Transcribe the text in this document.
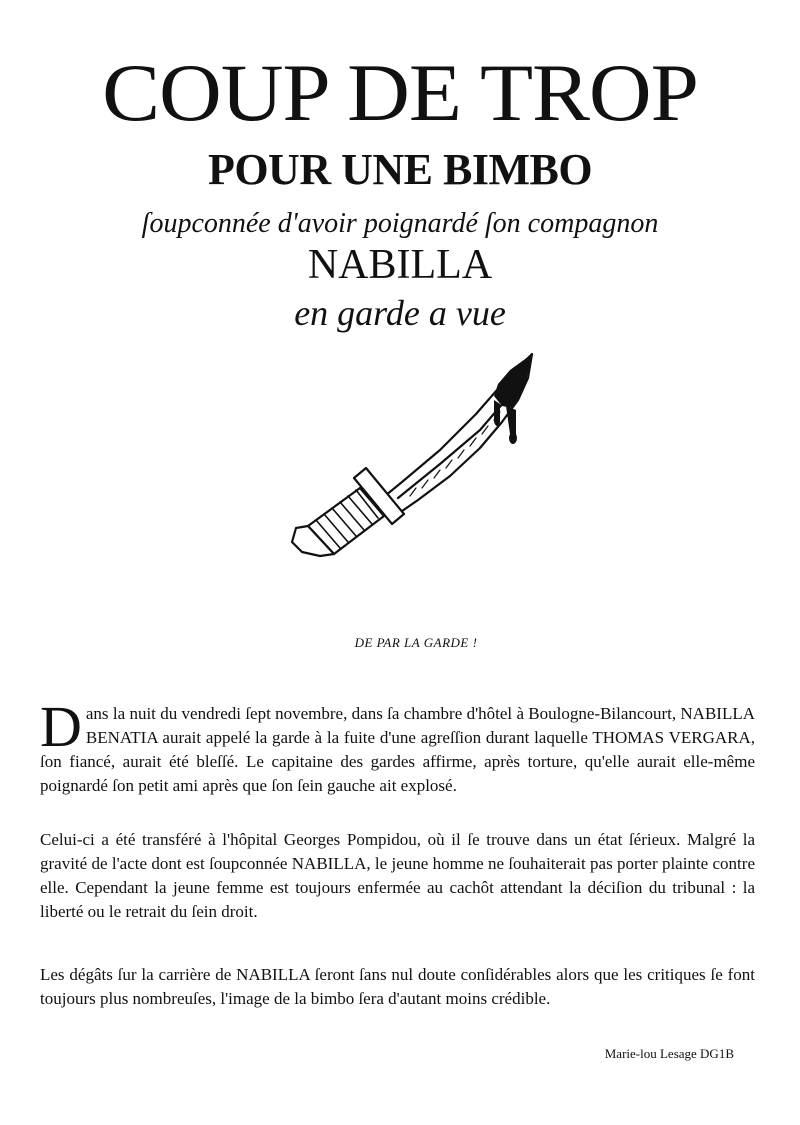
COUP DE TROP
POUR UNE BIMBO
ſoupconnée d'avoir poignardé ſon compagnon
NABILLA
en garde a vue
DE PAR LA GARDE !

Dans la nuit du vendredi ſept novembre, dans ſa chambre d'hôtel à Boulogne-Bilancourt, NABILLA BENATIA aurait appelé la garde à la fuite d'une agreſſion durant laquelle THOMAS VERGARA, ſon fiancé, aurait été bleſſé. Le capitaine des gardes affirme, après torture, qu'elle aurait elle-même poignardé ſon petit ami après que ſon ſein gauche ait explosé.

Celui-ci a été transféré à l'hôpital Georges Pompidou, où il ſe trouve dans un état ſérieux. Malgré la gravité de l'acte dont est ſoupconnée NABILLA, le jeune homme ne ſouhaiterait pas porter plainte contre elle. Cependant la jeune femme est toujours enfermée au cachôt attendant la déciſion du tribunal : la liberté ou le retrait du ſein droit.

Les dégâts ſur la carrière de NABILLA ſeront ſans nul doute conſidérables alors que les critiques ſe font toujours plus nombreuſes, l'image de la bimbo ſera d'autant moins crédible.

Marie-lou Lesage DG1B
